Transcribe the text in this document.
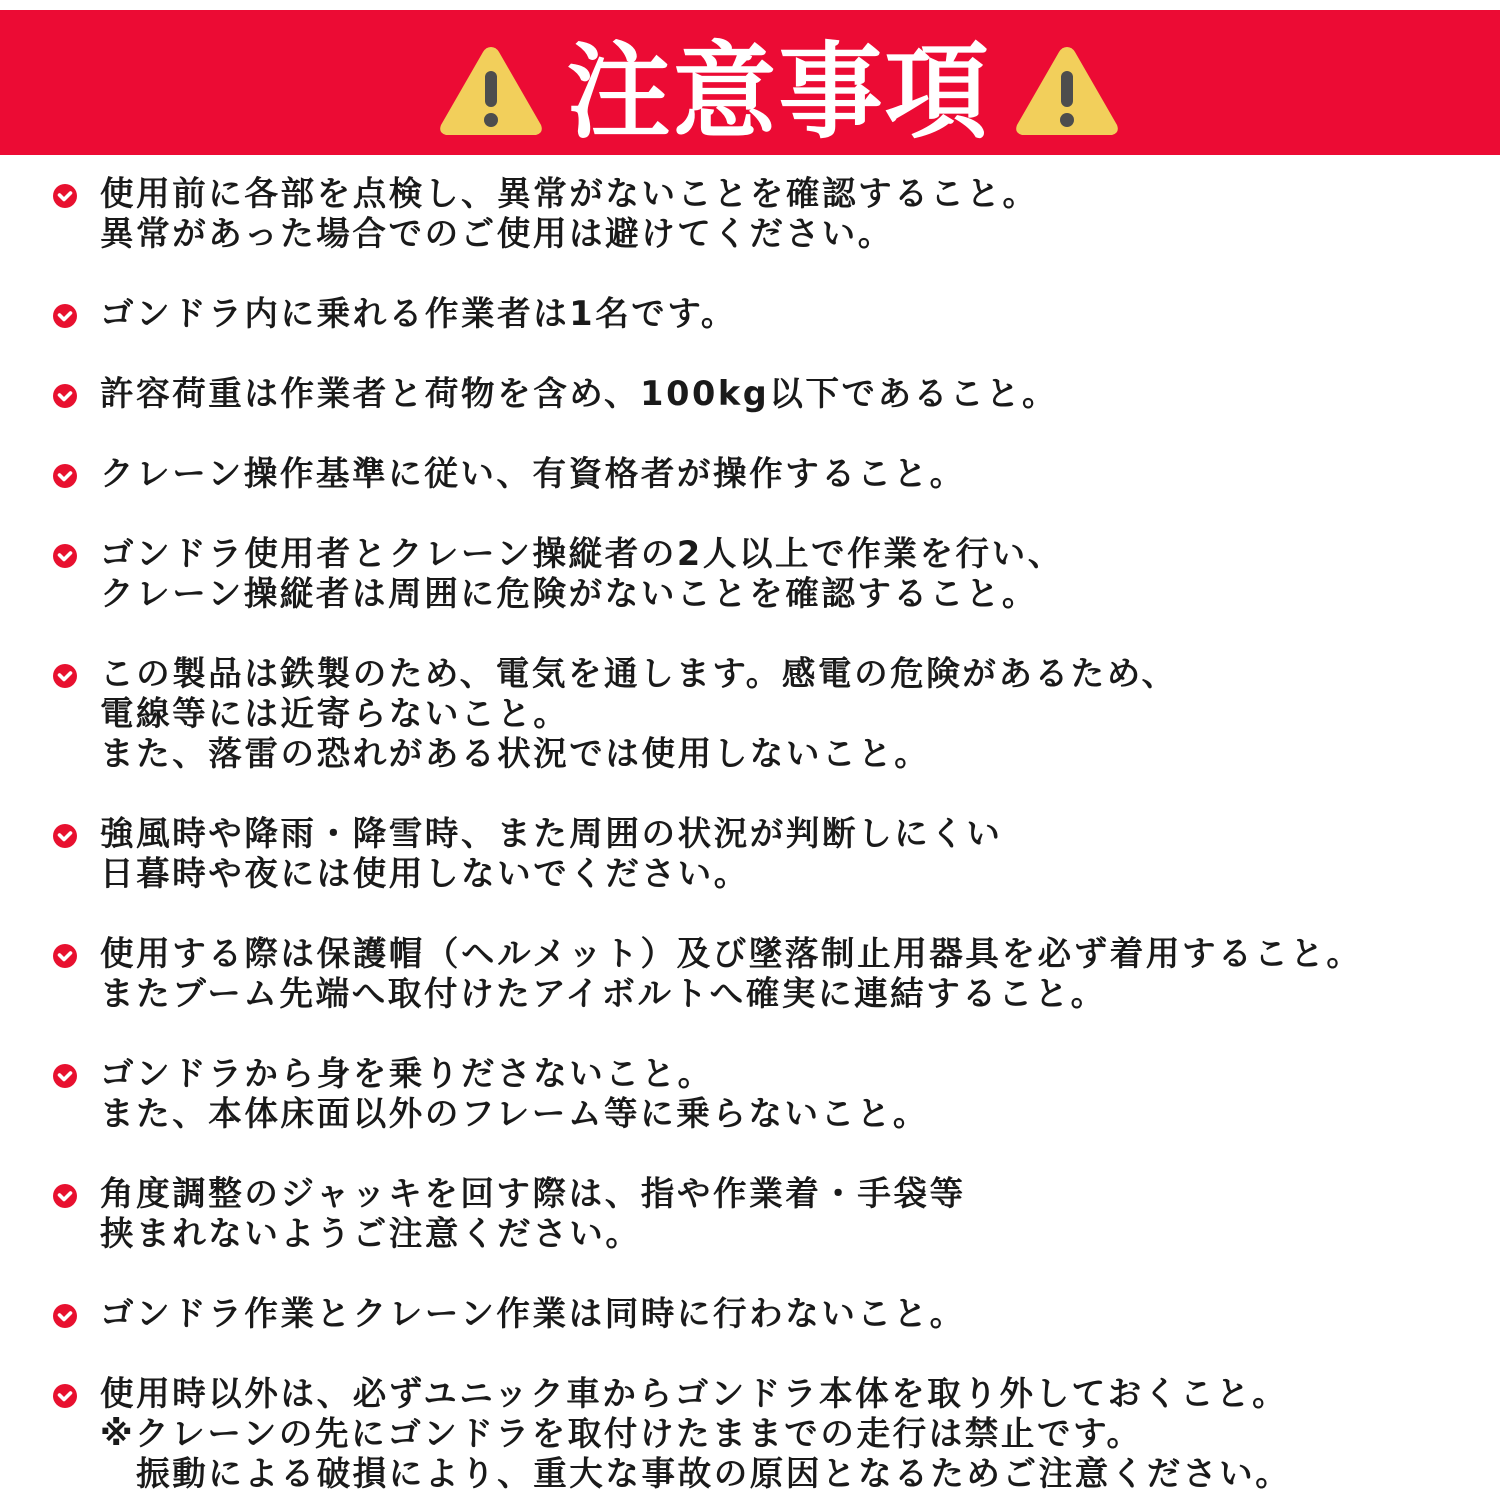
注意事項
使用前に各部を点検し、異常がないことを確認すること。
異常があった場合でのご使用は避けてください。
ゴンドラ内に乗れる作業者は1名です。
許容荷重は作業者と荷物を含め、100kg以下であること。
クレーン操作基準に従い、有資格者が操作すること。
ゴンドラ使用者とクレーン操縦者の2人以上で作業を行い、
クレーン操縦者は周囲に危険がないことを確認すること。
この製品は鉄製のため、電気を通します。感電の危険があるため、
電線等には近寄らないこと。
また、落雷の恐れがある状況では使用しないこと。
強風時や降雨・降雪時、また周囲の状況が判断しにくい
日暮時や夜には使用しないでください。
使用する際は保護帽（ヘルメット）及び墜落制止用器具を必ず着用すること。
またブーム先端へ取付けたアイボルトへ確実に連結すること。
ゴンドラから身を乗りださないこと。
また、本体床面以外のフレーム等に乗らないこと。
角度調整のジャッキを回す際は、指や作業着・手袋等
挟まれないようご注意ください。
ゴンドラ作業とクレーン作業は同時に行わないこと。
使用時以外は、必ずユニック車からゴンドラ本体を取り外しておくこと。
※クレーンの先にゴンドラを取付けたままでの走行は禁止です。
　振動による破損により、重大な事故の原因となるためご注意ください。
